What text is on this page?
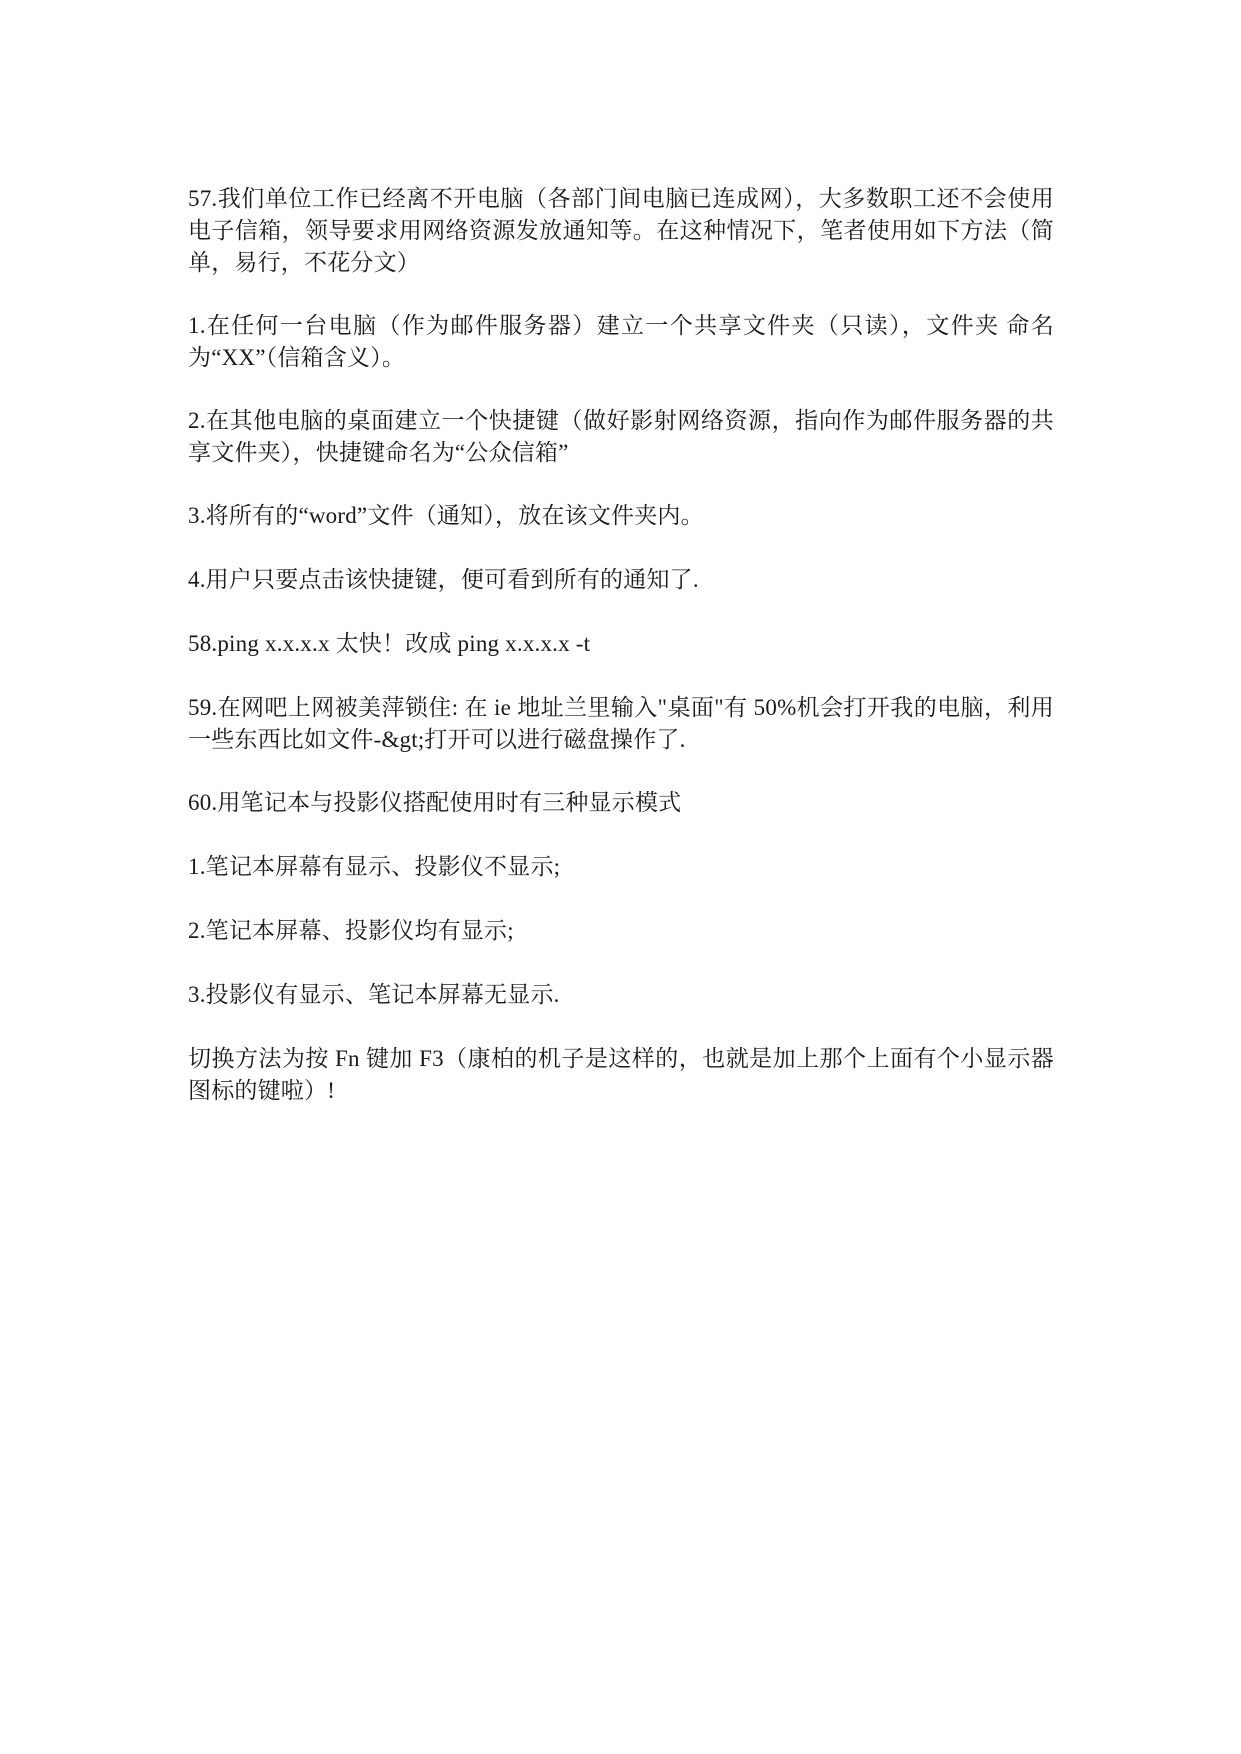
57.我们单位工作已经离不开电脑（各部门间电脑已连成网），大多数职工还不会使用电子信箱，领导要求用网络资源发放通知等。在这种情况下，笔者使用如下方法（简单，易行，不花分文）

1.在任何一台电脑（作为邮件服务器）建立一个共享文件夹（只读），文件夹 命名为“XX”（信箱含义）。

2.在其他电脑的桌面建立一个快捷键（做好影射网络资源，指向作为邮件服务器的共享文件夹），快捷键命名为“公众信箱”

3.将所有的“word”文件（通知），放在该文件夹内。

4.用户只要点击该快捷键，便可看到所有的通知了.

58.ping x.x.x.x 太快！改成 ping x.x.x.x -t

59.在网吧上网被美萍锁住: 在 ie 地址兰里输入"桌面"有 50%机会打开我的电脑，利用一些东西比如文件-&gt;打开可以进行磁盘操作了.

60.用笔记本与投影仪搭配使用时有三种显示模式

1.笔记本屏幕有显示、投影仪不显示;

2.笔记本屏幕、投影仪均有显示;

3.投影仪有显示、笔记本屏幕无显示.

切换方法为按 Fn 键加 F3（康柏的机子是这样的，也就是加上那个上面有个小显示器图标的键啦）!
